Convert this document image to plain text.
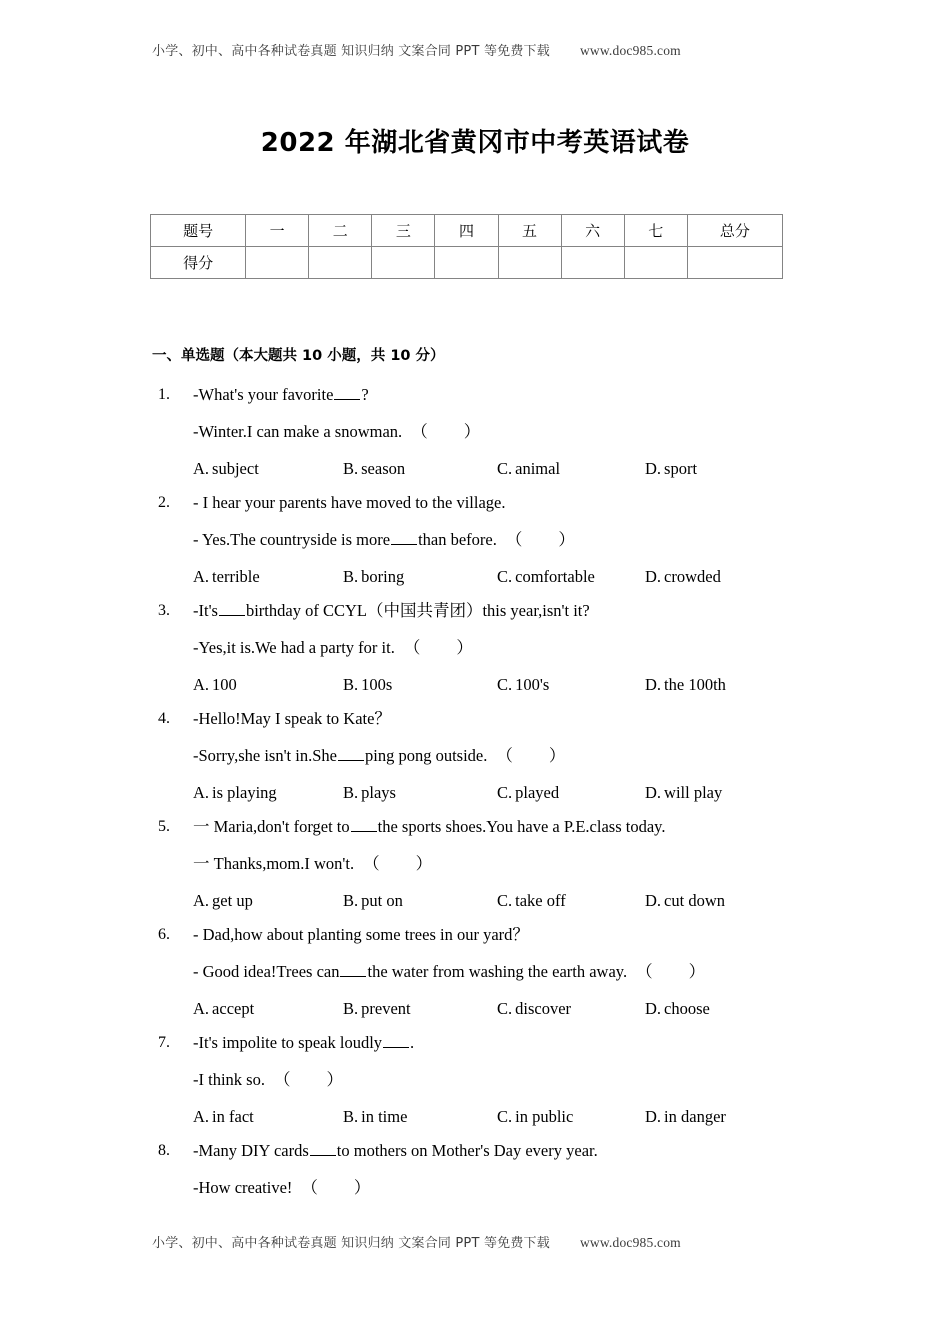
小学、初中、高中各种试卷真题 知识归纳 文案合同 PPT 等免费下载 www.doc985.com
2022 年湖北省黄冈市中考英语试卷
题号	一	二	三	四	五	六	七	总分
得分								
一、单选题（本大题共 10 小题，共 10 分）
1. -What's your favorite ?
-Winter.I can make a snowman. （　　）
A. subject	B. season	C. animal	D. sport
2. - I hear your parents have moved to the village.
- Yes.The countryside is more than before. （　　）
A. terrible	B. boring	C. comfortable	D. crowded
3. -It's birthday of CCYL（中国共青团）this year,isn't it?
-Yes,it is.We had a party for it. （　　）
A. 100	B. 100s	C. 100's	D. the 100th
4. -Hello!May I speak to Kate？
-Sorry,she isn't in.She ping pong outside. （　　）
A. is playing	B. plays	C. played	D. will play
5. 一 Maria,don't forget to the sports shoes.You have a P.E.class today.
一 Thanks,mom.I won't. （　　）
A. get up	B. put on	C. take off	D. cut down
6. - Dad,how about planting some trees in our yard？
- Good idea!Trees can the water from washing the earth away. （　　）
A. accept	B. prevent	C. discover	D. choose
7. -It's impolite to speak loudly .
-I think so. （　　）
A. in fact	B. in time	C. in public	D. in danger
8. -Many DIY cards to mothers on Mother's Day every year.
-How creative! （　　）
小学、初中、高中各种试卷真题 知识归纳 文案合同 PPT 等免费下载 www.doc985.com
